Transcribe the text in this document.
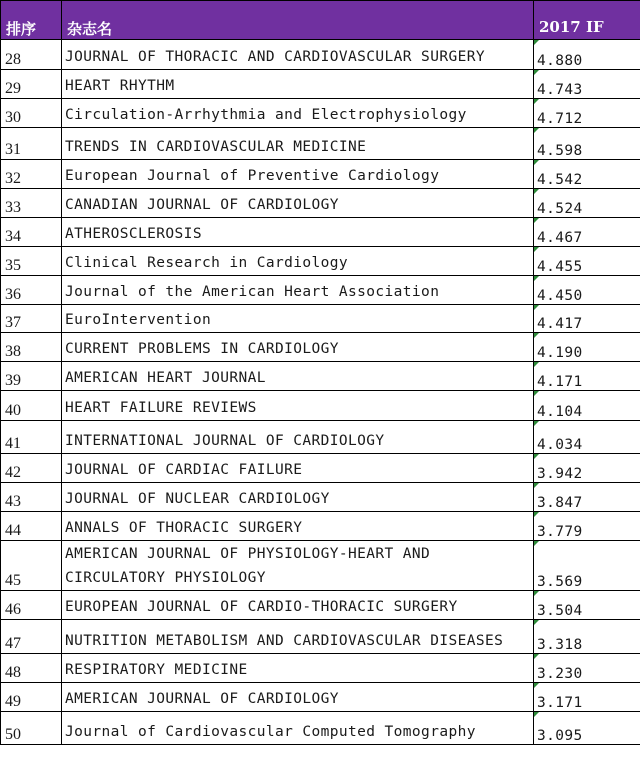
排序	杂志名	2017 IF
28	JOURNAL OF THORACIC AND CARDIOVASCULAR SURGERY	4.880
29	HEART RHYTHM	4.743
30	Circulation-Arrhythmia and Electrophysiology	4.712
31	TRENDS IN CARDIOVASCULAR MEDICINE	4.598
32	European Journal of Preventive Cardiology	4.542
33	CANADIAN JOURNAL OF CARDIOLOGY	4.524
34	ATHEROSCLEROSIS	4.467
35	Clinical Research in Cardiology	4.455
36	Journal of the American Heart Association	4.450
37	EuroIntervention	4.417
38	CURRENT PROBLEMS IN CARDIOLOGY	4.190
39	AMERICAN HEART JOURNAL	4.171
40	HEART FAILURE REVIEWS	4.104
41	INTERNATIONAL JOURNAL OF CARDIOLOGY	4.034
42	JOURNAL OF CARDIAC FAILURE	3.942
43	JOURNAL OF NUCLEAR CARDIOLOGY	3.847
44	ANNALS OF THORACIC SURGERY	3.779
45	AMERICAN JOURNAL OF PHYSIOLOGY-HEART AND CIRCULATORY PHYSIOLOGY	3.569
46	EUROPEAN JOURNAL OF CARDIO-THORACIC SURGERY	3.504
47	NUTRITION METABOLISM AND CARDIOVASCULAR DISEASES	3.318
48	RESPIRATORY MEDICINE	3.230
49	AMERICAN JOURNAL OF CARDIOLOGY	3.171
50	Journal of Cardiovascular Computed Tomography	3.095
